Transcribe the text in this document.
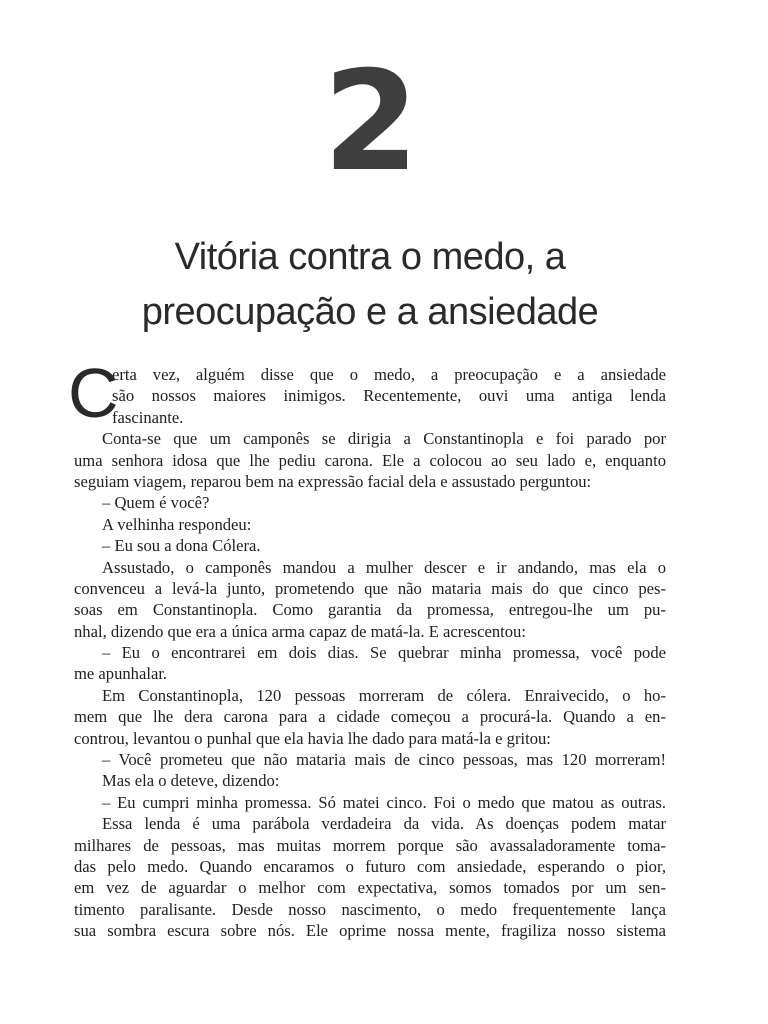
2
Vitória contra o medo, a
preocupação e a ansiedade
C
erta vez, alguém disse que o medo, a preocupação e a ansiedade
são nossos maiores inimigos. Recentemente, ouvi uma antiga lenda
fascinante.
Conta-se que um camponês se dirigia a Constantinopla e foi parado por
uma senhora idosa que lhe pediu carona. Ele a colocou ao seu lado e, enquanto
seguiam viagem, reparou bem na expressão facial dela e assustado perguntou:
– Quem é você?
A velhinha respondeu:
– Eu sou a dona Cólera.
Assustado, o camponês mandou a mulher descer e ir andando, mas ela o
convenceu a levá-la junto, prometendo que não mataria mais do que cinco pes-
soas em Constantinopla. Como garantia da promessa, entregou-lhe um pu-
nhal, dizendo que era a única arma capaz de matá-la. E acrescentou:
– Eu o encontrarei em dois dias. Se quebrar minha promessa, você pode
me apunhalar.
Em Constantinopla, 120 pessoas morreram de cólera. Enraivecido, o ho-
mem que lhe dera carona para a cidade começou a procurá-la. Quando a en-
controu, levantou o punhal que ela havia lhe dado para matá-la e gritou:
– Você prometeu que não mataria mais de cinco pessoas, mas 120 morreram!
Mas ela o deteve, dizendo:
– Eu cumpri minha promessa. Só matei cinco. Foi o medo que matou as outras.
Essa lenda é uma parábola verdadeira da vida. As doenças podem matar
milhares de pessoas, mas muitas morrem porque são avassaladoramente toma-
das pelo medo. Quando encaramos o futuro com ansiedade, esperando o pior,
em vez de aguardar o melhor com expectativa, somos tomados por um sen-
timento paralisante. Desde nosso nascimento, o medo frequentemente lança
sua sombra escura sobre nós. Ele oprime nossa mente, fragiliza nosso sistema
